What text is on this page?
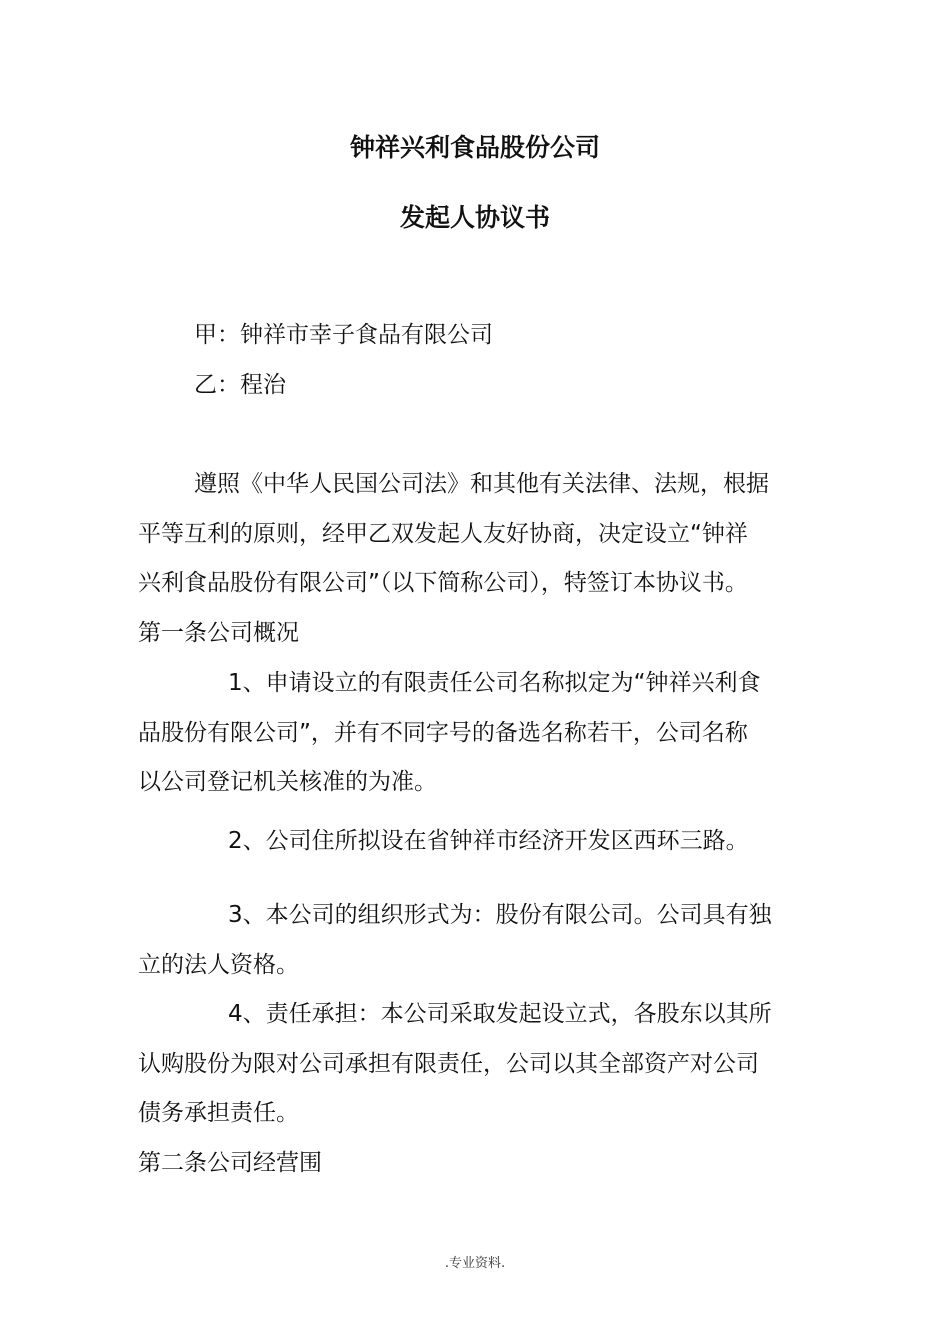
钟祥兴利食品股份公司
发起人协议书
甲：钟祥市幸子食品有限公司
乙：程治
遵照《中华人民国公司法》和其他有关法律、法规，根据
平等互利的原则，经甲乙双发起人友好协商，决定设立“钟祥
兴利食品股份有限公司”（以下简称公司），特签订本协议书。
第一条公司概况
1、申请设立的有限责任公司名称拟定为“钟祥兴利食
品股份有限公司”，并有不同字号的备选名称若干，公司名称
以公司登记机关核准的为准。
2、公司住所拟设在省钟祥市经济开发区西环三路。
3、本公司的组织形式为：股份有限公司。公司具有独
立的法人资格。
4、责任承担：本公司采取发起设立式，各股东以其所
认购股份为限对公司承担有限责任，公司以其全部资产对公司
债务承担责任。
第二条公司经营围
.专业资料.
